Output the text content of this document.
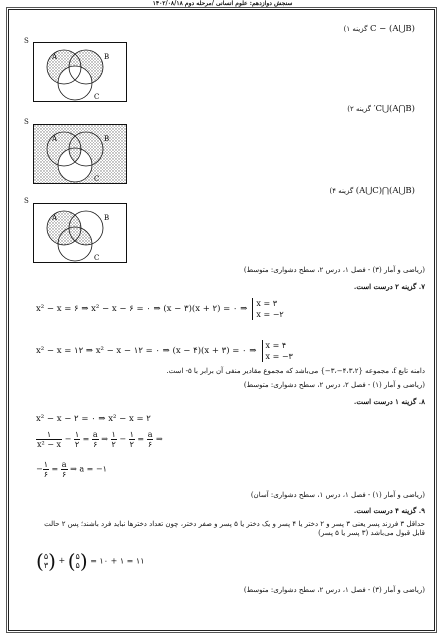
سنجش دوازدهم: علوم انسانی /مرحله دوم ۱۴۰۲/۰۸/۱۸
(A⋃B) − C گزینه ۱)
A	B
C
S
(A⋂B)⋃C′ گزینه ۲)
A	B
C
S
(A⋃B)⋂(A⋃C) گزینه ۴)
A	B
C
S
(ریاضی و آمار (۳) - فصل ۱، درس ۲، سطح دشواری: متوسط)
۷. گزینه ۲ درست است.
x² − x = ۶ ⇒ x² − x − ۶ = ۰ ⇒ (x − ۳)(x + ۲) = ۰ ⇒
x = ۳
x = −۲
x² − x = ۱۲ ⇒ x² − x − ۱۲ = ۰ ⇒ (x − ۴)(x + ۳) = ۰ ⇒
x = ۴
x = −۳
دامنه تابع f، مجموعه {۴،۳،۲−،۳−} می‌باشد که مجموع مقادیر منفی آن برابر با ۵- است.
(ریاضی و آمار (۱) - فصل ۲، درس ۲، سطح دشواری: متوسط)
۸. گزینه ۱ درست است.
x² − x − ۲ = ۰ ⇒ x² − x = ۲
$\frac{۱}{\text{x² − x}} - \frac{۱}{۲} = \frac{a}{۶}$ ⇒ $\frac{۱}{۲} - \frac{۱}{۲} = \frac{a}{۶}$ ⇒
− $\frac{۱}{۶} = \frac{a}{۶}$ ⇒ a = −۱
(ریاضی و آمار (۱) - فصل ۱، درس ۱، سطح دشواری: آسان)
۹. گزینه ۴ درست است.
حداقل ۳ فرزند پسر یعنی ۳ پسر و ۲ دختر یا ۴ پسر و یک دختر یا ۵ پسر و صفر دختر، چون تعداد دخترها نباید فرد باشند؛ پس ۲ حالت قابل قبول می‌باشد (۳ پسر یا ۵ پسر)
( ۵
۳ ) + ( ۵
۵ ) = ۱۰ + ۱ = ۱۱
(ریاضی و آمار (۳) - فصل ۱، درس ۲، سطح دشواری: متوسط)
